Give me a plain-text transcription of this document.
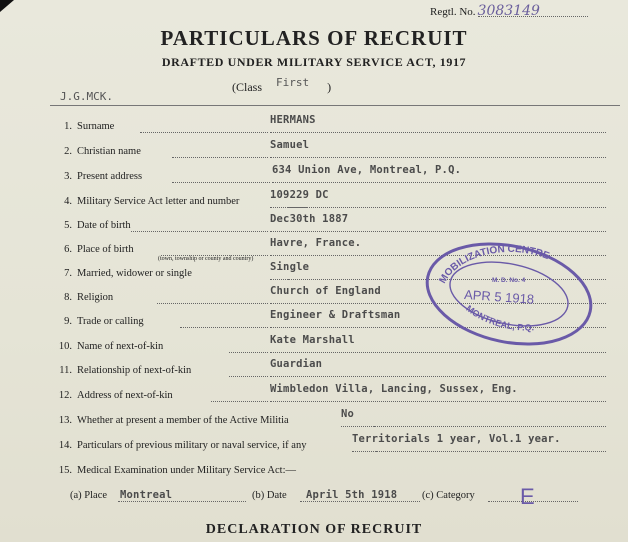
Regtl. No. 3083149
PARTICULARS OF RECRUIT
DRAFTED UNDER MILITARY SERVICE ACT, 1917
J.G.MCK.
(Class First )
1. Surname
HERMANS
2. Christian name
Samuel
3. Present address
634 Union Ave, Montreal, P.Q.
4. Military Service Act letter and number
109229 DC
5. Date of birth
Dec30th 1887
6. Place of birth
Havre, France.
7. Married, widower or single
Single
8. Religion
Church of England
9. Trade or calling
Engineer & Draftsman
10. Name of next-of-kin
Kate Marshall
11. Relationship of next-of-kin
Guardian
12. Address of next-of-kin
Wimbledon Villa, Lancing, Sussex, Eng.
13. Whether at present a member of the Active Militia
No
14. Particulars of previous military or naval service, if any
Territorials 1 year, Vol.1 year.
15. Medical Examination under Military Service Act:—
(town, township or county and country)
(a) Place Montreal	(b) Date April 5th 1918 (c) Category E
MOBILIZATION CENTRE
M. D. No. 4
APR 5 1918
MONTREAL, P.Q.
DECLARATION OF RECRUIT
